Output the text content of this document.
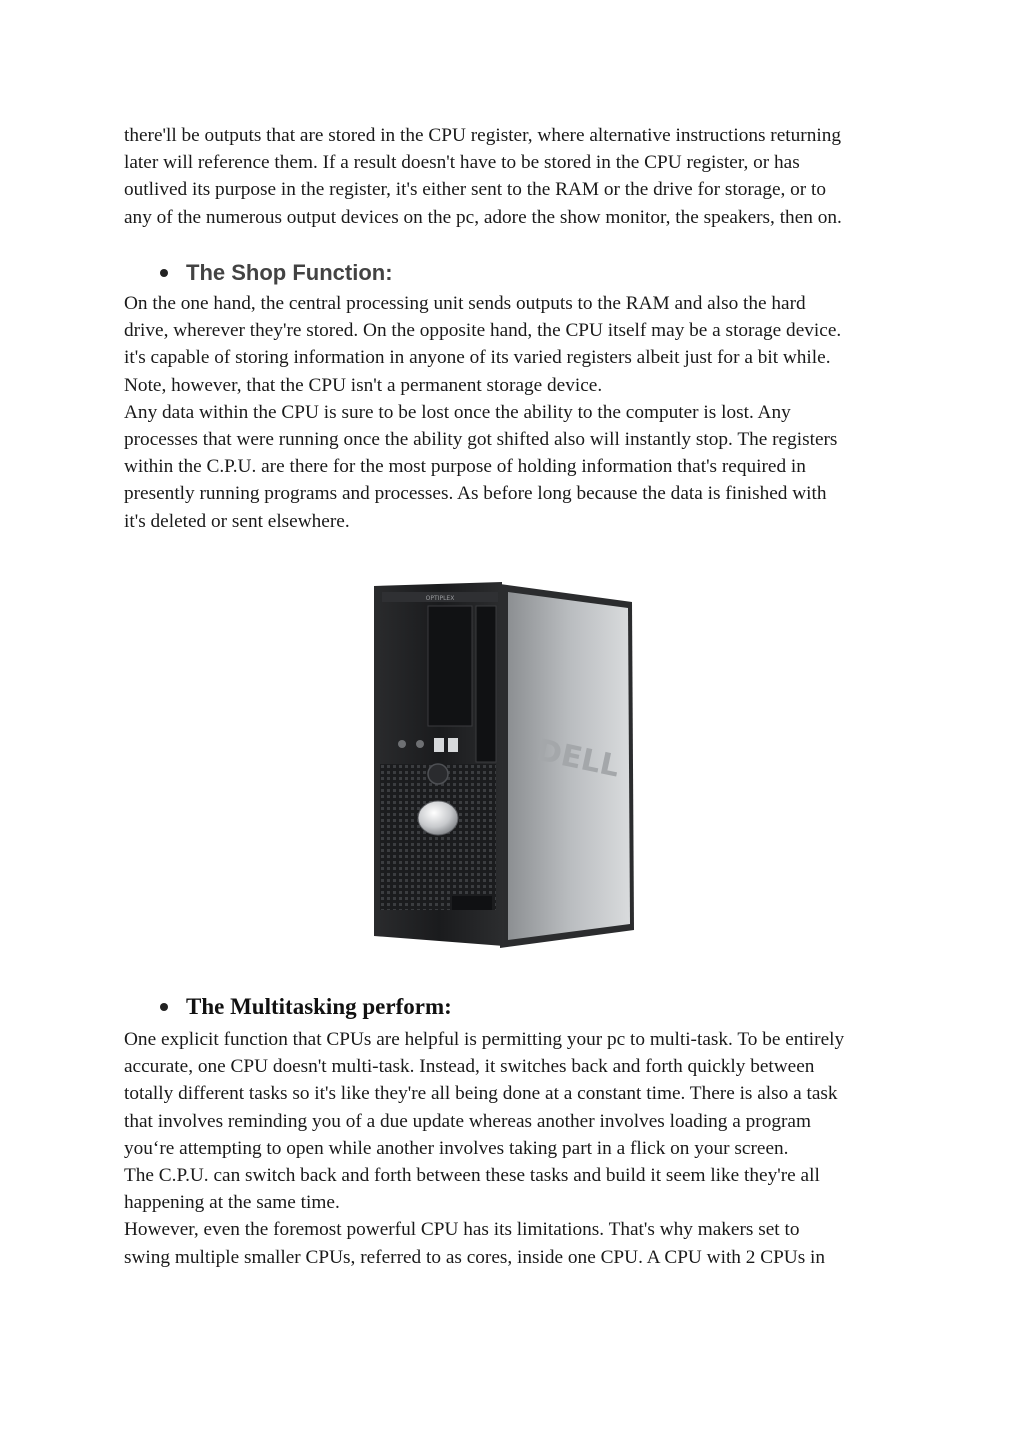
there'll be outputs that are stored in the CPU register, where alternative instructions returning

later will reference them. If a result doesn't have to be stored in the CPU register, or has

outlived its purpose in the register, it's either sent to the RAM or the drive for storage, or to

any of the numerous output devices on the pc, adore the show monitor, the speakers, then on.

The Shop Function:

On the one hand, the central processing unit sends outputs to the RAM and also the hard

drive, wherever they're stored. On the opposite hand, the CPU itself may be a storage device.

it's capable of storing information in anyone of its varied registers albeit just for a bit while.

Note, however, that the CPU isn't a permanent storage device.

Any data within the CPU is sure to be lost once the ability to the computer is lost. Any

processes that were running once the ability got shifted also will instantly stop. The registers

within the C.P.U. are there for the most purpose of holding information that's required in

presently running programs and processes. As before long because the data is finished with

it's deleted or sent elsewhere.

OPTIPLEX
DELL
The Multitasking perform:

One explicit function that CPUs are helpful is permitting your pc to multi-task. To be entirely

accurate, one CPU doesn't multi-task. Instead, it switches back and forth quickly between

totally different tasks so it's like they're all being done at a constant time. There is also a task

that involves reminding you of a due update whereas another involves loading a program

you‘re attempting to open while another involves taking part in a flick on your screen.

The C.P.U. can switch back and forth between these tasks and build it seem like they're all

happening at the same time.

However, even the foremost powerful CPU has its limitations. That's why makers set to

swing multiple smaller CPUs, referred to as cores, inside one CPU. A CPU with 2 CPUs in
